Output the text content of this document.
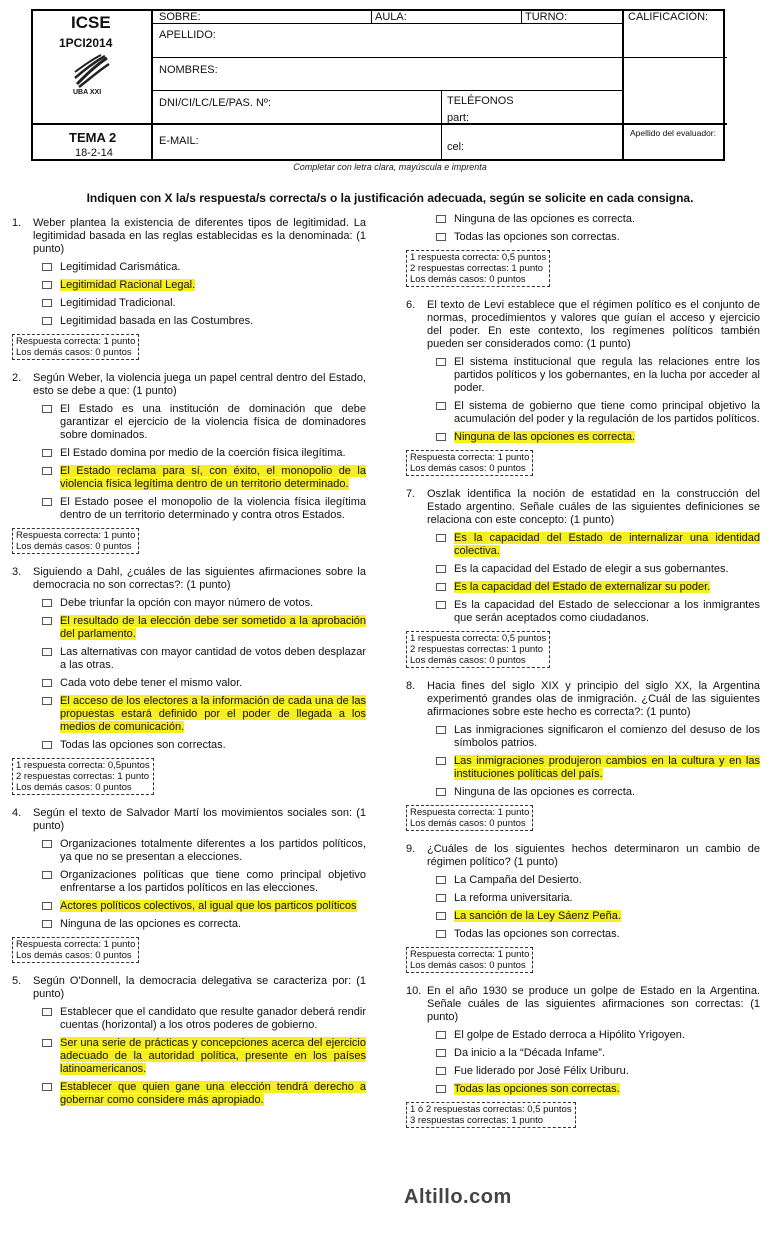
ICSE
1PCI2014
UBA XXI
TEMA 2
18-2-14
SOBRE:	AULA:	TURNO:
APELLIDO:
NOMBRES:
DNI/CI/LC/LE/PAS. Nº:	TELÉFONOS
part:
E-MAIL:	cel:
CALIFICACIÓN:
Apellido del evaluador:
Completar con letra clara, mayúscula e imprenta
Indiquen con X la/s respuesta/s correcta/s o la justificación adecuada, según se solicite en cada consigna.
1.	Weber plantea la existencia de diferentes tipos de legitimidad. La legitimidad basada en las reglas establecidas es la denominada: (1 punto)
Legitimidad Carismática.
Legitimidad Racional Legal.
Legitimidad Tradicional.
Legitimidad basada en las Costumbres.
Respuesta correcta: 1 punto
Los demás casos: 0 puntos
2.	Según Weber, la violencia juega un papel central dentro del Estado, esto se debe a que: (1 punto)
El Estado es una institución de dominación que debe garantizar el ejercicio de la violencia física de dominadores sobre dominados.
El Estado domina por medio de la coerción física ilegítima.
El Estado reclama para sí, con éxito, el monopolio de la violencia física legítima dentro de un territorio determinado.
El Estado posee el monopolio de la violencia física ilegítima dentro de un territorio determinado y contra otros Estados.
Respuesta correcta: 1 punto
Los demás casos: 0 puntos
3.	Siguiendo a Dahl, ¿cuáles de las siguientes afirmaciones sobre la democracia no son correctas?: (1 punto)
Debe triunfar la opción con mayor número de votos.
El resultado de la elección debe ser sometido a la aprobación del parlamento.
Las alternativas con mayor cantidad de votos deben desplazar a las otras.
Cada voto debe tener el mismo valor.
El acceso de los electores a la información de cada una de las propuestas estará definido por el poder de llegada a los medios de comunicación.
Todas las opciones son correctas.
1 respuesta correcta: 0,5puntos
2 respuestas correctas: 1 punto
Los demás casos: 0 puntos
4.	Según el texto de Salvador Martí los movimientos sociales son: (1 punto)
Organizaciones totalmente diferentes a los partidos políticos, ya que no se presentan a elecciones.
Organizaciones políticas que tiene como principal objetivo enfrentarse a los partidos políticos en las elecciones.
Actores políticos colectivos, al igual que los particos políticos
Ninguna de las opciones es correcta.
Respuesta correcta: 1 punto
Los demás casos: 0 puntos
5.	Según O'Donnell, la democracia delegativa se caracteriza por: (1 punto)
Establecer que el candidato que resulte ganador deberá rendir cuentas (horizontal) a los otros poderes de gobierno.
Ser una serie de prácticas y concepciones acerca del ejercicio adecuado de la autoridad política, presente en los países latinoamericanos.
Establecer que quien gane una elección tendrá derecho a gobernar como considere más apropiado.
Ninguna de las opciones es correcta.
Todas las opciones son correctas.
1 respuesta correcta: 0,5 puntos
2 respuestas correctas: 1 punto
Los demás casos: 0 puntos
6.	El texto de Levi establece que el régimen político es el conjunto de normas, procedimientos y valores que guían el acceso y ejercicio del poder. En este contexto, los regímenes políticos también pueden ser considerados como: (1 punto)
El sistema institucional que regula las relaciones entre los partidos políticos y los gobernantes, en la lucha por acceder al poder.
El sistema de gobierno que tiene como principal objetivo la acumulación del poder y la regulación de los partidos políticos.
Ninguna de las opciones es correcta.
Respuesta correcta: 1 punto
Los demás casos: 0 puntos
7.	Oszlak identifica la noción de estatidad en la construcción del Estado argentino. Señale cuáles de las siguientes definiciones se relaciona con este concepto: (1 punto)
Es la capacidad del Estado de internalizar una identidad colectiva.
Es la capacidad del Estado de elegir a sus gobernantes.
Es la capacidad del Estado de externalizar su poder.
Es la capacidad del Estado de seleccionar a los inmigrantes que serán aceptados como ciudadanos.
1 respuesta correcta: 0,5 puntos
2 respuestas correctas: 1 punto
Los demás casos: 0 puntos
8.	Hacia fines del siglo XIX y principio del siglo XX, la Argentina experimentó grandes olas de inmigración. ¿Cuál de las siguientes afirmaciones sobre este hecho es correcta?: (1 punto)
Las inmigraciones significaron el comienzo del desuso de los símbolos patrios.
Las inmigraciones produjeron cambios en la cultura y en las instituciones políticas del país.
Ninguna de las opciones es correcta.
Respuesta correcta: 1 punto
Los demás casos: 0 puntos
9.	¿Cuáles de los siguientes hechos determinaron un cambio de régimen político? (1 punto)
La Campaña del Desierto.
La reforma universitaria.
La sanción de la Ley Sáenz Peña.
Todas las opciones son correctas.
Respuesta correcta: 1 punto
Los demás casos: 0 puntos
10. En el año 1930 se produce un golpe de Estado en la Argentina. Señale cuáles de las siguientes afirmaciones son correctas: (1 punto)
El golpe de Estado derroca a Hipólito Yrigoyen.
Da inicio a la “Década Infame”.
Fue liderado por José Félix Uriburu.
Todas las opciones son correctas.
1 ó 2 respuestas correctas: 0,5 puntos
3 respuestas correctas: 1 punto
Altillo.com
